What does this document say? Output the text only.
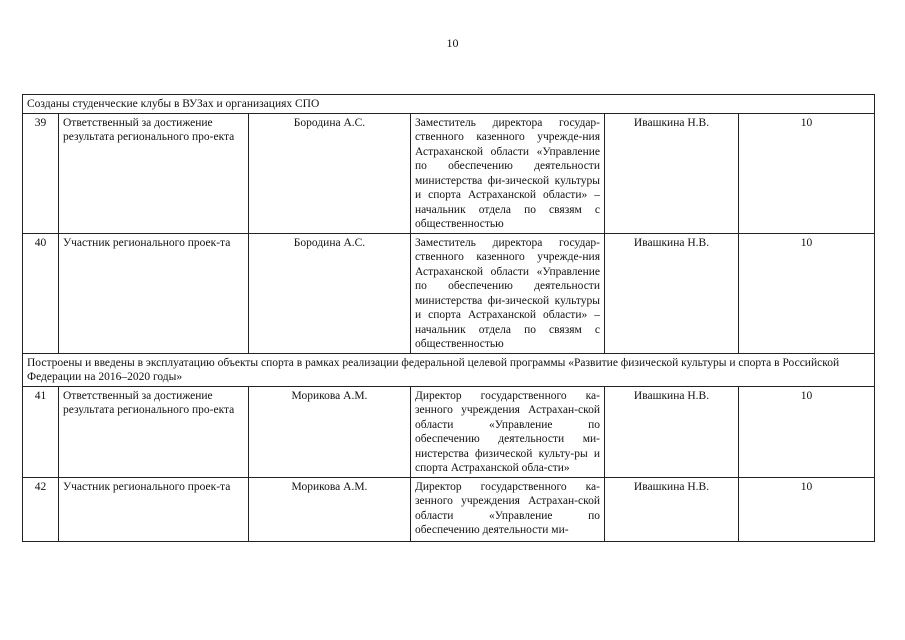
10
Созданы студенческие клубы в ВУЗах и организациях СПО					
39	Ответственный за достижение результата регионального про-екта	Бородина А.С.	Заместитель директора государ-ственного казенного учрежде-ния Астраханской области «Управление по обеспечению деятельности министерства фи-зической культуры и спорта Астраханской области» – начальник отдела по связям с общественностью	Ивашкина Н.В.	10
40	Участник регионального проек-та	Бородина А.С.	Заместитель директора государ-ственного казенного учрежде-ния Астраханской области «Управление по обеспечению деятельности министерства фи-зической культуры и спорта Астраханской области» – начальник отдела по связям с общественностью	Ивашкина Н.В.	10
Построены и введены в эксплуатацию объекты спорта в рамках реализации федеральной целевой программы «Развитие физической культуры и спорта в Российской Федерации на 2016–2020 годы»					
41	Ответственный за достижение результата регионального про-екта	Морикова А.М.	Директор государственного ка-зенного учреждения Астрахан-ской области «Управление по обеспечению деятельности ми-нистерства физической культу-ры и спорта Астраханской обла-сти»	Ивашкина Н.В.	10
42	Участник регионального проек-та	Морикова А.М.	Директор государственного ка-зенного учреждения Астрахан-ской области «Управление по обеспечению деятельности ми-	Ивашкина Н.В.	10
